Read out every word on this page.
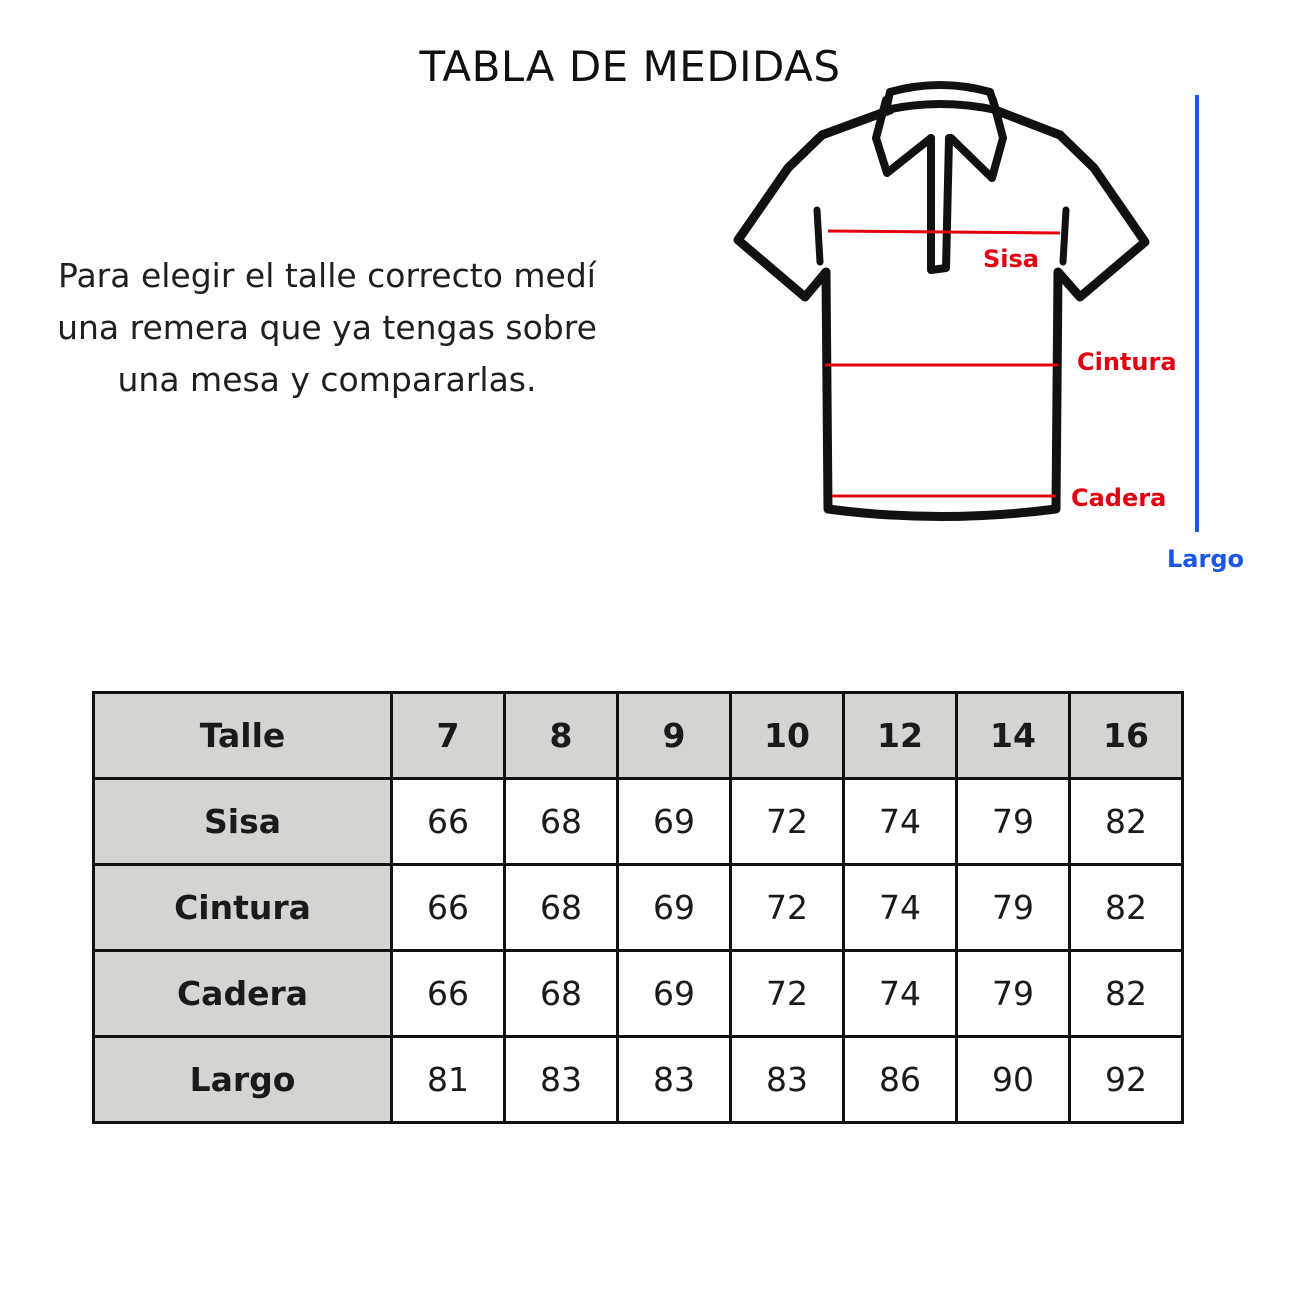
TABLA DE MEDIDAS
Para elegir el talle correcto medí
una remera que ya tengas sobre
una mesa y compararlas.
Sisa
Cintura
Cadera
Largo
Talle	7	8	9	10	12	14	16
Sisa	66	68	69	72	74	79	82
Cintura	66	68	69	72	74	79	82
Cadera	66	68	69	72	74	79	82
Largo	81	83	83	83	86	90	92
